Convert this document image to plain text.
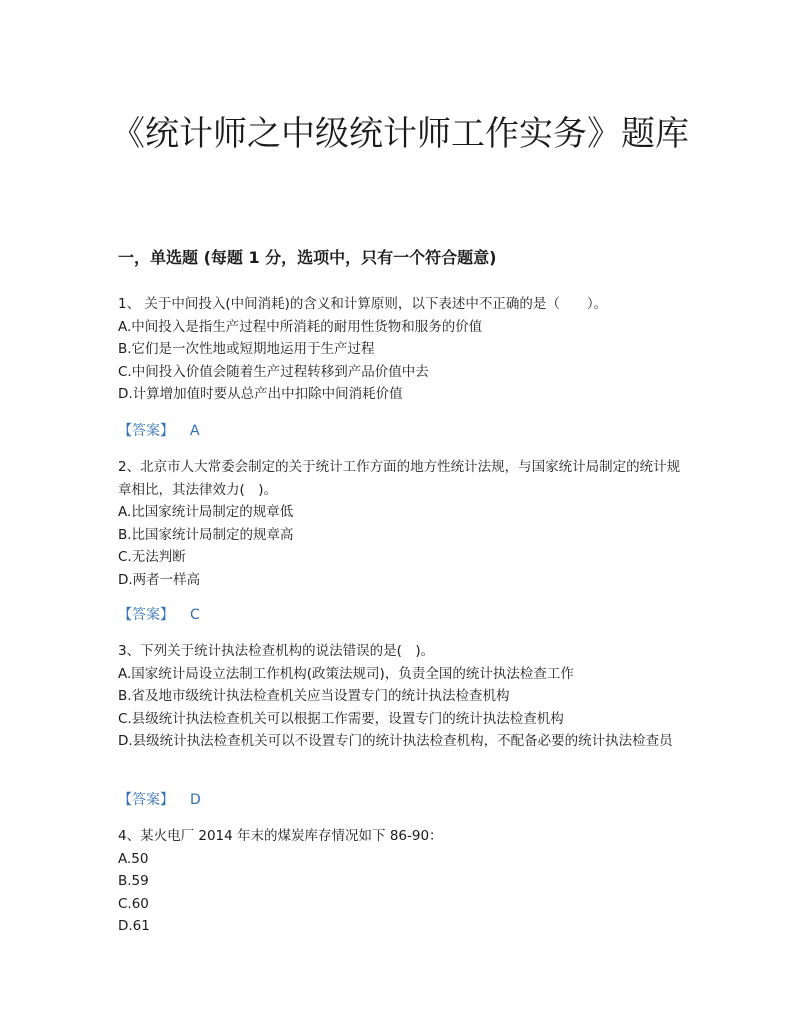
《统计师之中级统计师工作实务》题库
一，单选题 (每题 1 分，选项中，只有一个符合题意)
1、 关于中间投入(中间消耗)的含义和计算原则，以下表述中不正确的是（　　）。
A.中间投入是指生产过程中所消耗的耐用性货物和服务的价值
B.它们是一次性地或短期地运用于生产过程
C.中间投入价值会随着生产过程转移到产品价值中去
D.计算增加值时要从总产出中扣除中间消耗价值
【答案】 A
2、北京市人大常委会制定的关于统计工作方面的地方性统计法规，与国家统计局制定的统计规章相比，其法律效力(　)。
A.比国家统计局制定的规章低
B.比国家统计局制定的规章高
C.无法判断
D.两者一样高
【答案】 C
3、下列关于统计执法检查机构的说法错误的是(　)。
A.国家统计局设立法制工作机构(政策法规司)，负责全国的统计执法检查工作
B.省及地市级统计执法检查机关应当设置专门的统计执法检查机构
C.县级统计执法检查机关可以根据工作需要，设置专门的统计执法检查机构
D.县级统计执法检查机关可以不设置专门的统计执法检查机构，不配备必要的统计执法检查员
【答案】 D
4、某火电厂 2014 年末的煤炭库存情况如下 86-90：
A.50
B.59
C.60
D.61
